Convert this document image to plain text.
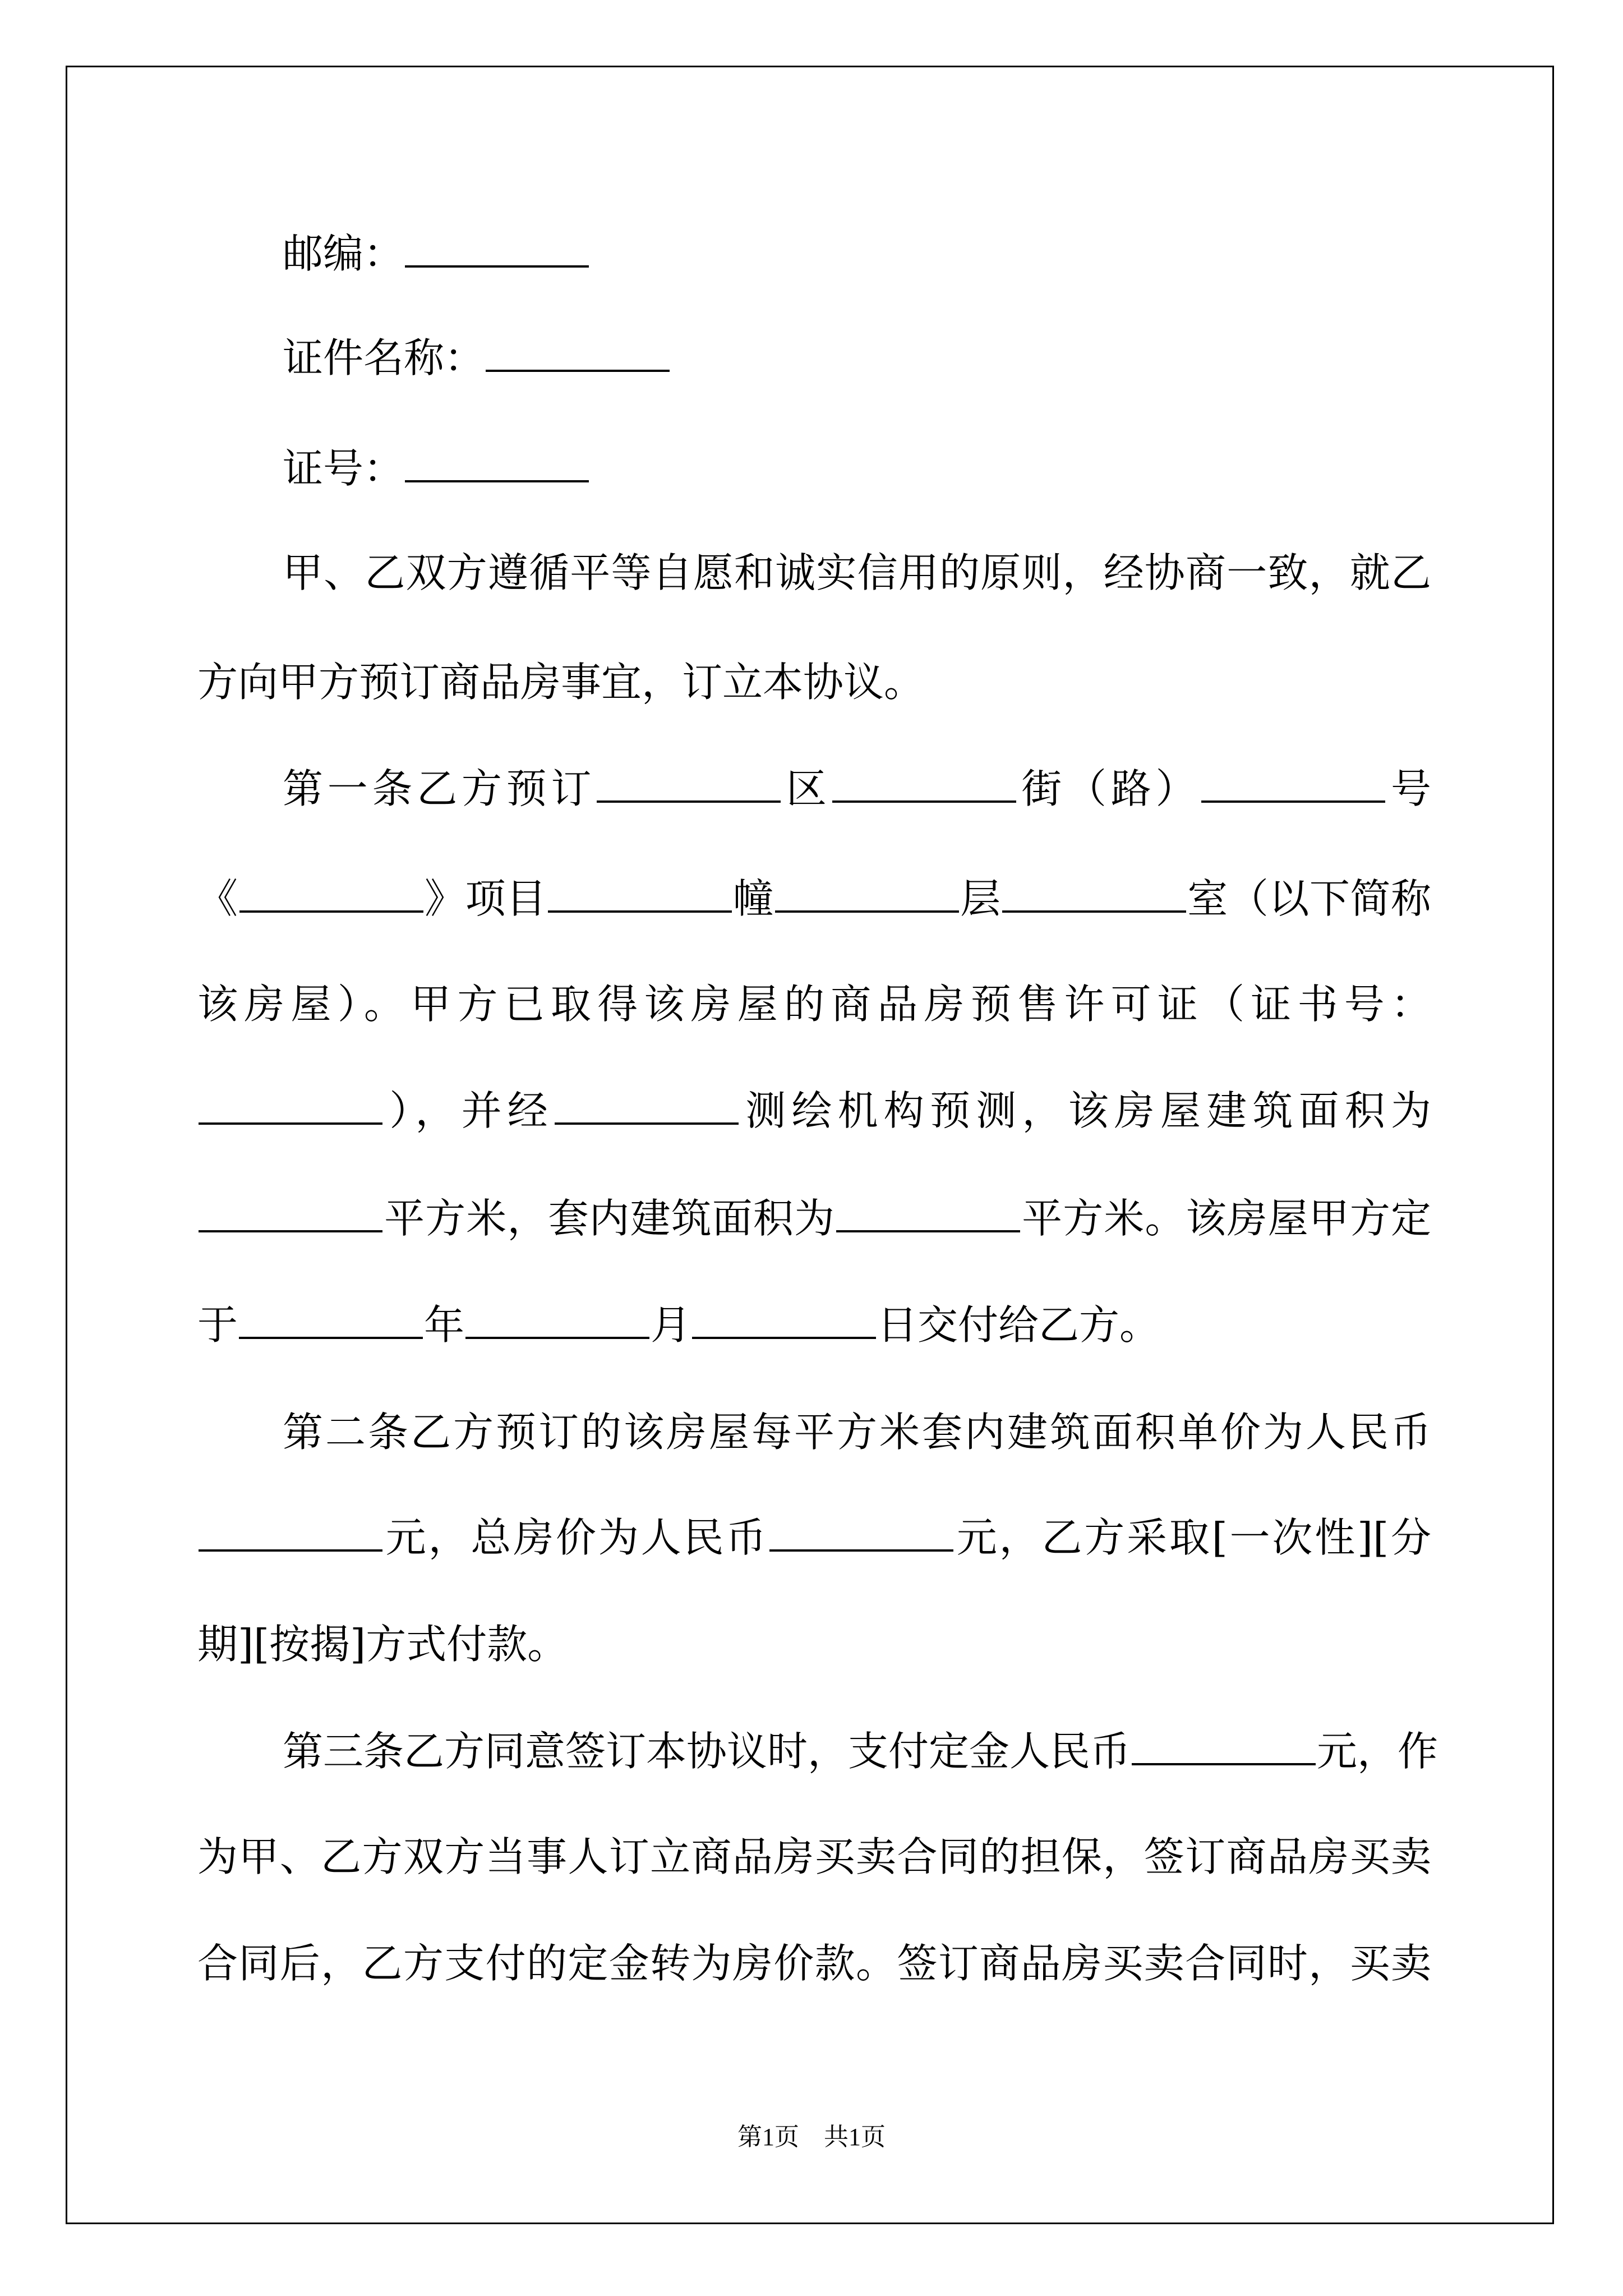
邮编：
证件名称：
证号：
甲、乙双方遵循平等自愿和诚实信用的原则，经协商一致，就乙
方向甲方预订商品房事宜，订立本协议。
第一条乙方预订	区	街（路）	号
《	》项目	幢	层	室（以下简称
该房屋）。甲方已取得该房屋的商品房预售许可证（证书号：
），并经	测绘机构预测，该房屋建筑面积为
平方米，套内建筑面积为	平方米。该房屋甲方定
于	年	月	日交付给乙方。
第二条乙方预订的该房屋每平方米套内建筑面积单价为人民币
元，总房价为人民币	元，乙方采取[一次性][分
期][按揭]方式付款。
第三条乙方同意签订本协议时，支付定金人民币	元，作
为甲、乙方双方当事人订立商品房买卖合同的担保，签订商品房买卖
合同后，乙方支付的定金转为房价款。签订商品房买卖合同时，买卖
第1页　共1页
